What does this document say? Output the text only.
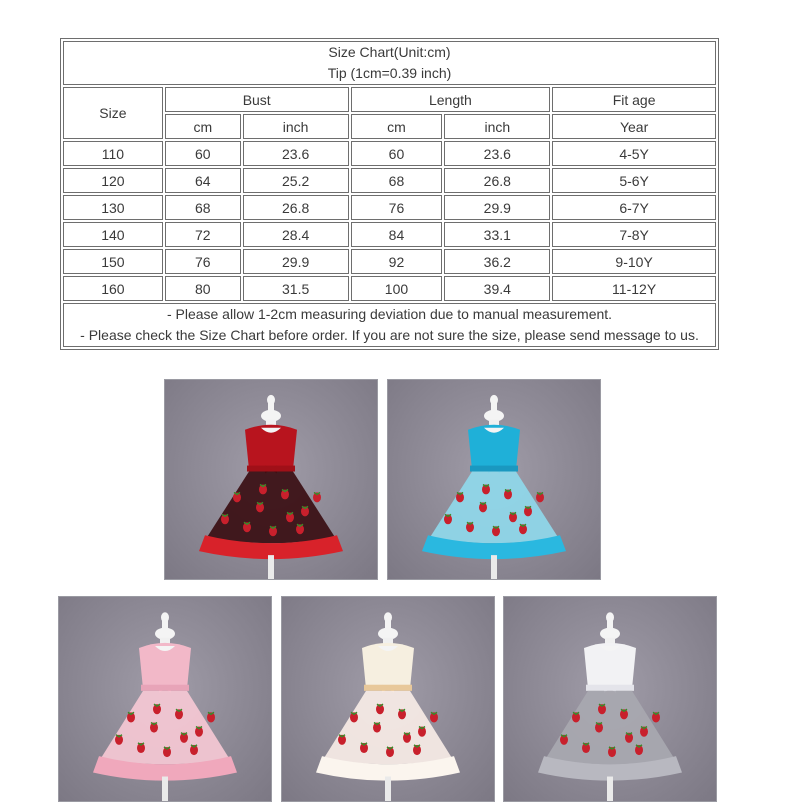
Size Chart(Unit:cm)
Tip (1cm=0.39 inch)					

Size	Bust		Length		Fit age
	cm	inch	cm	inch	Year
110	60	23.6	60	23.6	4-5Y
120	64	25.2	68	26.8	5-6Y
130	68	26.8	76	29.9	6-7Y
140	72	28.4	84	33.1	7-8Y
150	76	29.9	92	36.2	9-10Y
160	80	31.5	100	39.4	11-12Y

- Please allow 1-2cm measuring deviation due to manual measurement.
- Please check the Size Chart before order. If you are not sure the size, please send message to us.					
